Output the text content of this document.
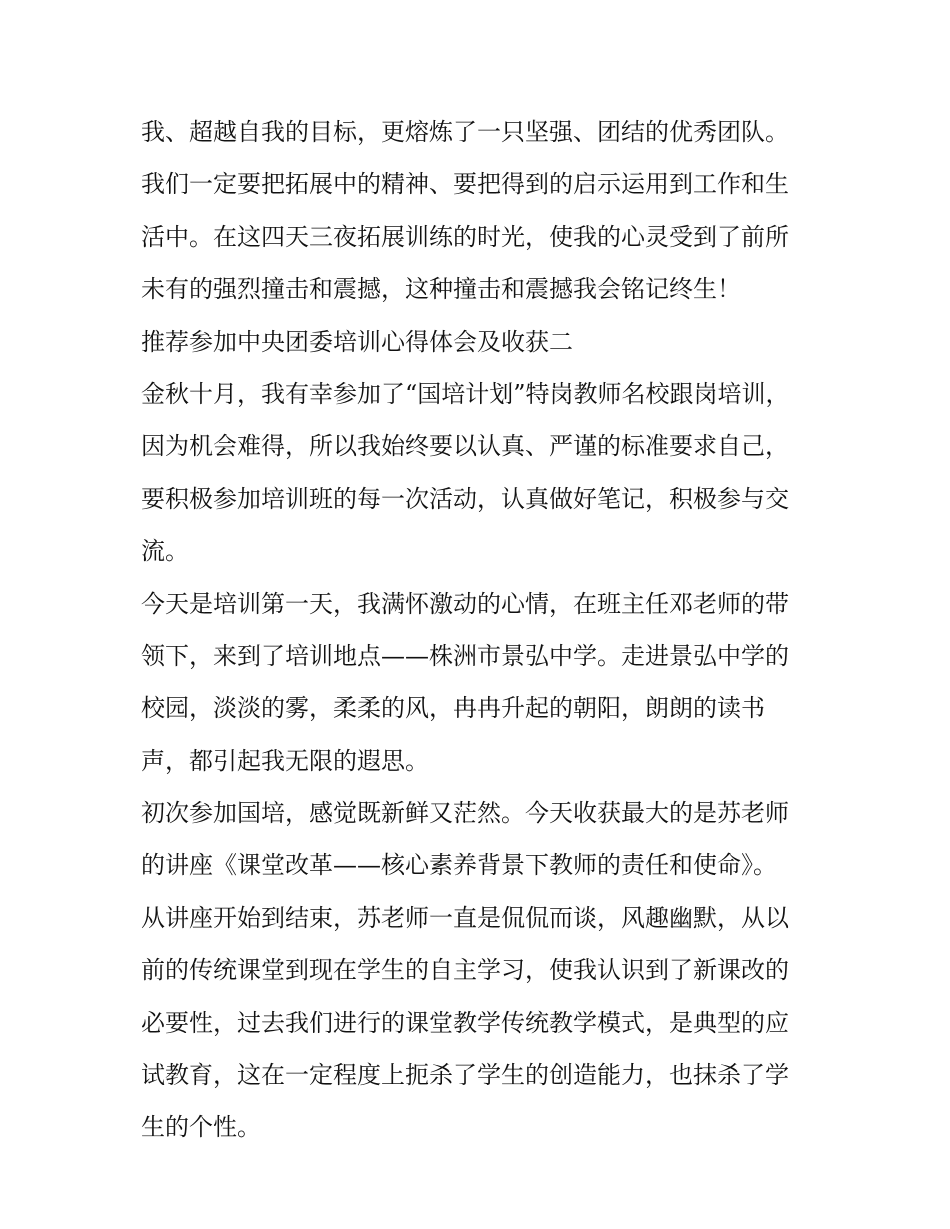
我、超越自我的目标，更熔炼了一只坚强、团结的优秀团队。
我们一定要把拓展中的精神、要把得到的启示运用到工作和生
活中。在这四天三夜拓展训练的时光，使我的心灵受到了前所
未有的强烈撞击和震撼，这种撞击和震撼我会铭记终生！
推荐参加中央团委培训心得体会及收获二
金秋十月，我有幸参加了“国培计划”特岗教师名校跟岗培训，
因为机会难得，所以我始终要以认真、严谨的标准要求自己，
要积极参加培训班的每一次活动，认真做好笔记，积极参与交
流。
今天是培训第一天，我满怀激动的心情，在班主任邓老师的带
领下，来到了培训地点——株洲市景弘中学。走进景弘中学的
校园，淡淡的雾，柔柔的风，冉冉升起的朝阳，朗朗的读书
声，都引起我无限的遐思。
初次参加国培，感觉既新鲜又茫然。今天收获最大的是苏老师
的讲座《课堂改革——核心素养背景下教师的责任和使命》。
从讲座开始到结束，苏老师一直是侃侃而谈，风趣幽默，从以
前的传统课堂到现在学生的自主学习，使我认识到了新课改的
必要性，过去我们进行的课堂教学传统教学模式，是典型的应
试教育，这在一定程度上扼杀了学生的创造能力，也抹杀了学
生的个性。
